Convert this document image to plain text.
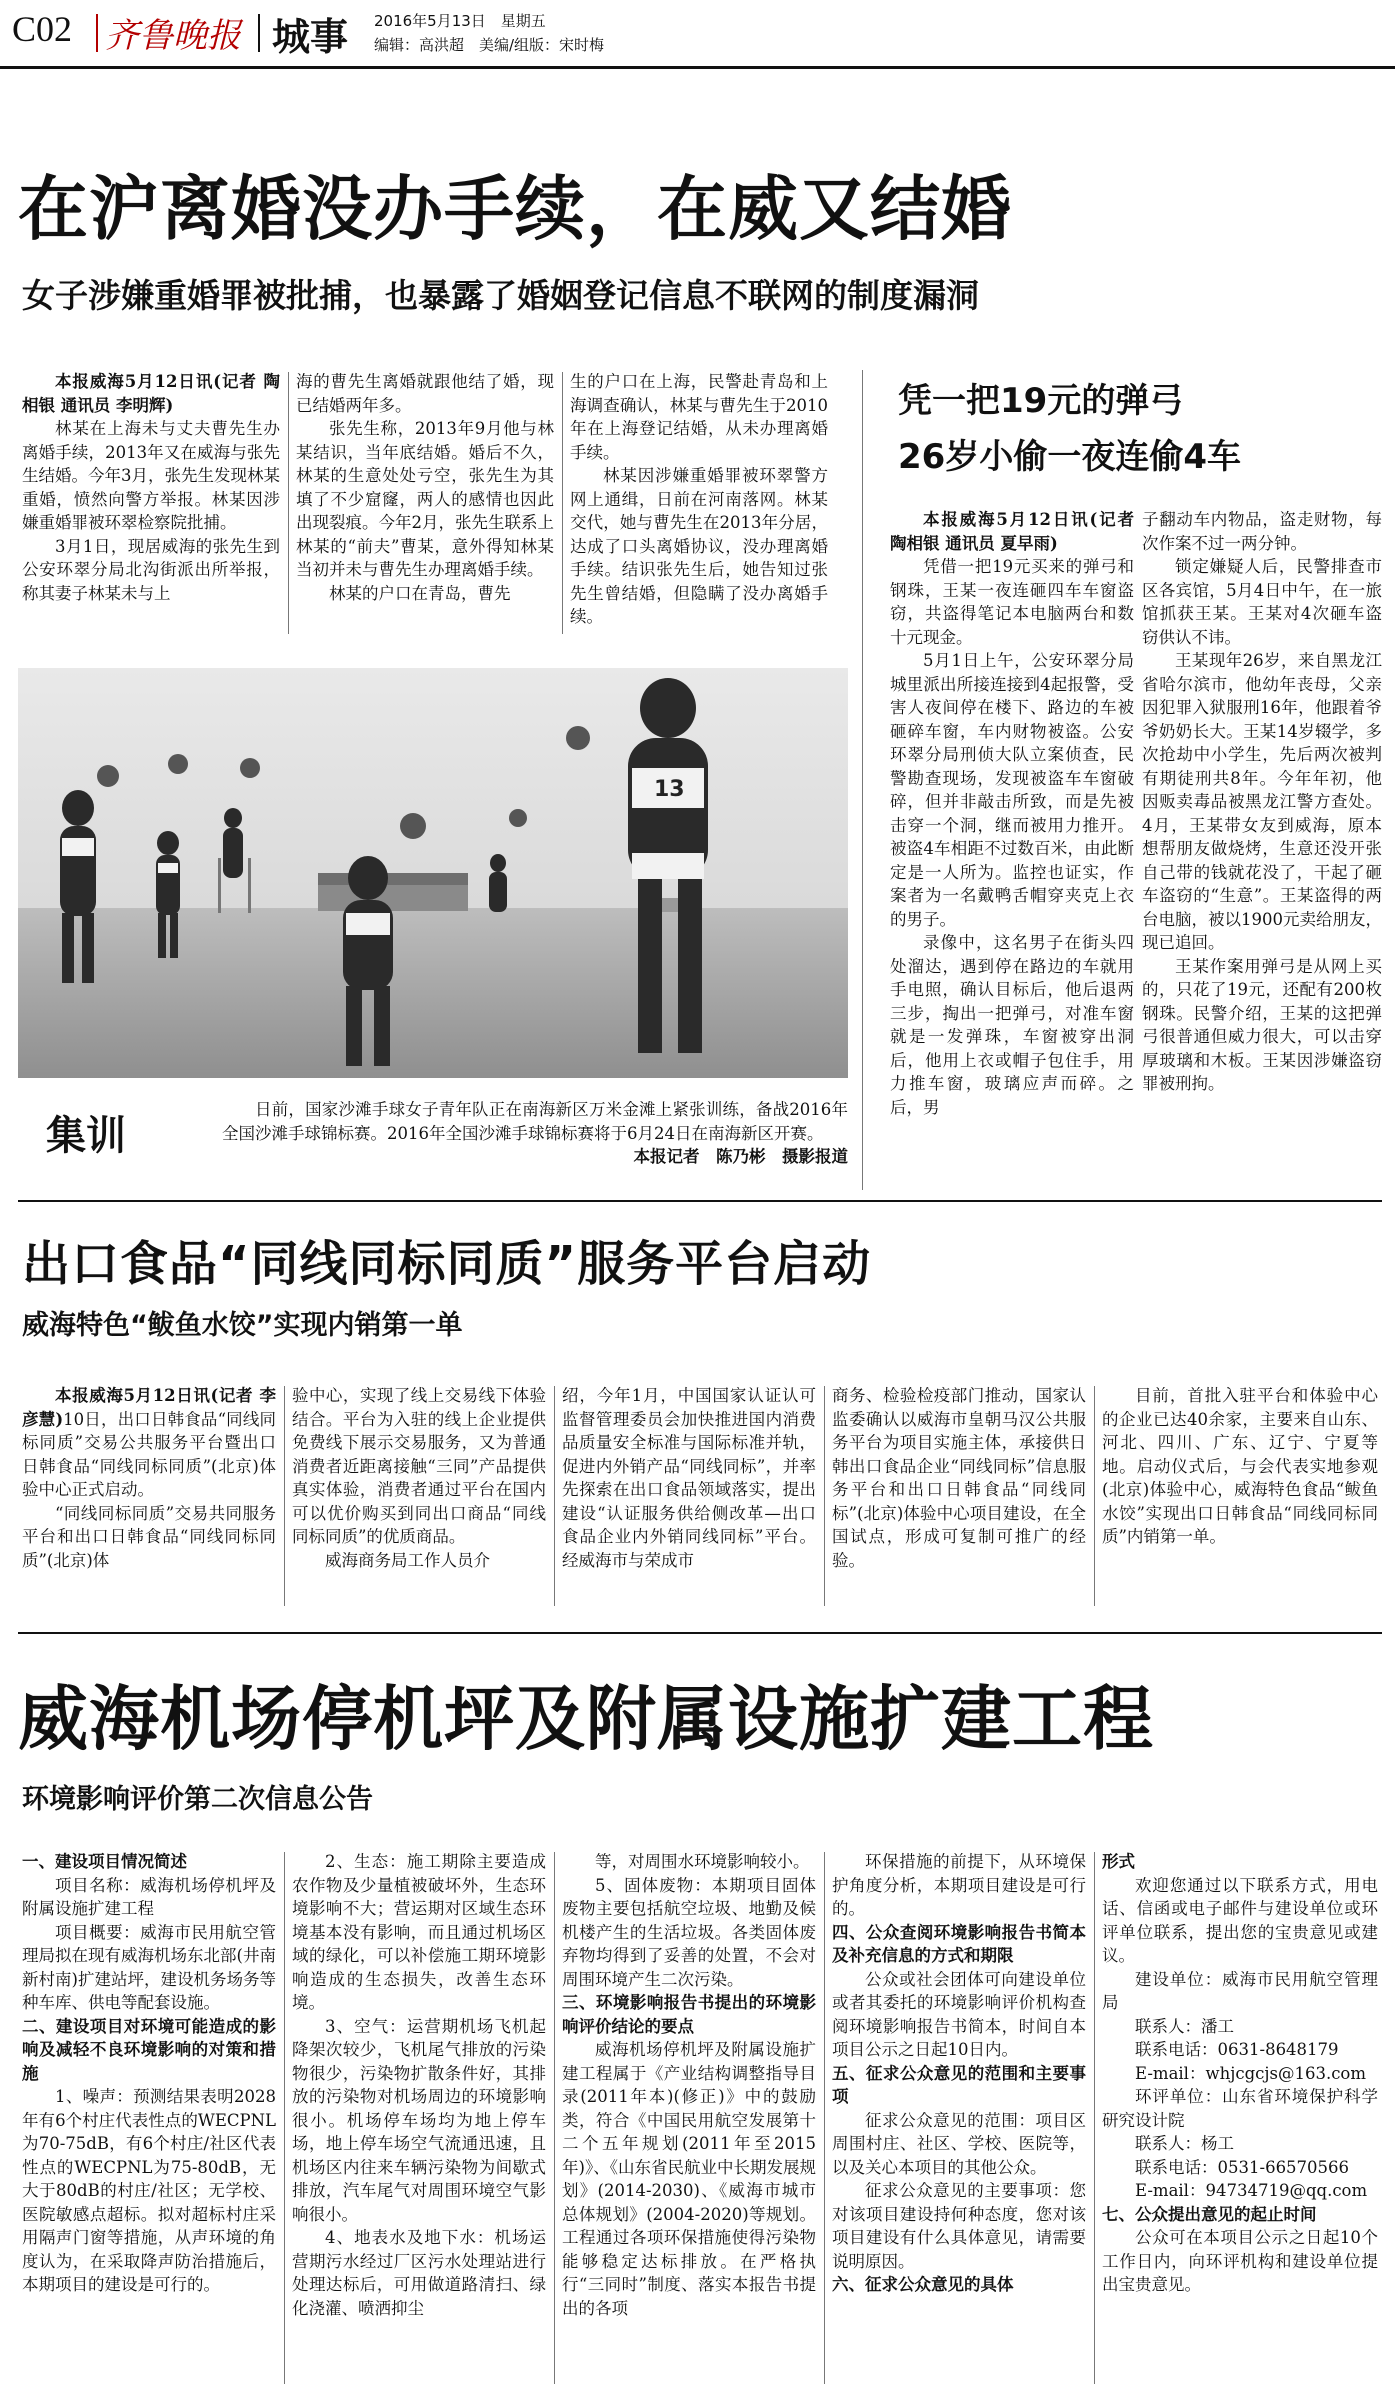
C02 齐鲁晚报 城事 2016年5月13日　星期五
编辑：高洪超　美编/组版：宋时梅
在沪离婚没办手续，在威又结婚
女子涉嫌重婚罪被批捕，也暴露了婚姻登记信息不联网的制度漏洞

本报威海5月12日讯(记者 陶相银 通讯员 李明辉)

林某在上海未与丈夫曹先生办离婚手续，2013年又在威海与张先生结婚。今年3月，张先生发现林某重婚，愤然向警方举报。林某因涉嫌重婚罪被环翠检察院批捕。

3月1日，现居威海的张先生到公安环翠分局北沟街派出所举报，称其妻子林某未与上

海的曹先生离婚就跟他结了婚，现已结婚两年多。

张先生称，2013年9月他与林某结识，当年底结婚。婚后不久，林某的生意处处亏空，张先生为其填了不少窟窿，两人的感情也因此出现裂痕。今年2月，张先生联系上林某的“前夫”曹某，意外得知林某当初并未与曹先生办理离婚手续。

林某的户口在青岛，曹先

生的户口在上海，民警赴青岛和上海调查确认，林某与曹先生于2010年在上海登记结婚，从未办理离婚手续。

林某因涉嫌重婚罪被环翠警方网上通缉，日前在河南落网。林某交代，她与曹先生在2013年分居，达成了口头离婚协议，没办理离婚手续。结识张先生后，她告知过张先生曾结婚，但隐瞒了没办离婚手续。

凭一把19元的弹弓
26岁小偷一夜连偷4车

本报威海5月12日讯(记者 陶相银 通讯员 夏早雨)

凭借一把19元买来的弹弓和钢珠，王某一夜连砸四车车窗盗窃，共盗得笔记本电脑两台和数十元现金。

5月1日上午，公安环翠分局城里派出所接连接到4起报警，受害人夜间停在楼下、路边的车被砸碎车窗，车内财物被盗。公安环翠分局刑侦大队立案侦查，民警勘查现场，发现被盗车车窗破碎，但并非敲击所致，而是先被击穿一个洞，继而被用力推开。被盗4车相距不过数百米，由此断定是一人所为。监控也证实，作案者为一名戴鸭舌帽穿夹克上衣的男子。

录像中，这名男子在街头四处溜达，遇到停在路边的车就用手电照，确认目标后，他后退两三步，掏出一把弹弓，对准车窗就是一发弹珠，车窗被穿出洞后，他用上衣或帽子包住手，用力推车窗，玻璃应声而碎。之后，男

子翻动车内物品，盗走财物，每次作案不过一两分钟。

锁定嫌疑人后，民警排查市区各宾馆，5月4日中午，在一旅馆抓获王某。王某对4次砸车盗窃供认不讳。

王某现年26岁，来自黑龙江省哈尔滨市，他幼年丧母，父亲因犯罪入狱服刑16年，他跟着爷爷奶奶长大。王某14岁辍学，多次抢劫中小学生，先后两次被判有期徒刑共8年。今年年初，他因贩卖毒品被黑龙江警方查处。4月，王某带女友到威海，原本想帮朋友做烧烤，生意还没开张自己带的钱就花没了，干起了砸车盗窃的“生意”。王某盗得的两台电脑，被以1900元卖给朋友，现已追回。

王某作案用弹弓是从网上买的，只花了19元，还配有200枚钢珠。民警介绍，王某的这把弹弓很普通但威力很大，可以击穿厚玻璃和木板。王某因涉嫌盗窃罪被刑拘。

13
集训
日前，国家沙滩手球女子青年队正在南海新区万米金滩上紧张训练，备战2016年全国沙滩手球锦标赛。2016年全国沙滩手球锦标赛将于6月24日在南海新区开赛。
本报记者　陈乃彬　摄影报道
出口食品“同线同标同质”服务平台启动
威海特色“鲅鱼水饺”实现内销第一单

本报威海5月12日讯(记者 李彦慧)10日，出口日韩食品“同线同标同质”交易公共服务平台暨出口日韩食品“同线同标同质”(北京)体验中心正式启动。

“同线同标同质”交易共同服务平台和出口日韩食品“同线同标同质”(北京)体

验中心，实现了线上交易线下体验结合。平台为入驻的线上企业提供免费线下展示交易服务，又为普通消费者近距离接触“三同”产品提供真实体验，消费者通过平台在国内可以优价购买到同出口商品“同线同标同质”的优质商品。

威海商务局工作人员介

绍，今年1月，中国国家认证认可监督管理委员会加快推进国内消费品质量安全标准与国际标准并轨，促进内外销产品“同线同标”，并率先探索在出口食品领域落实，提出建设“认证服务供给侧改革—出口食品企业内外销同线同标”平台。经威海市与荣成市

商务、检验检疫部门推动，国家认监委确认以威海市皇朝马汉公共服务平台为项目实施主体，承接供日韩出口食品企业“同线同标”信息服务平台和出口日韩食品“同线同标”(北京)体验中心项目建设，在全国试点，形成可复制可推广的经验。

目前，首批入驻平台和体验中心的企业已达40余家，主要来自山东、河北、四川、广东、辽宁、宁夏等地。启动仪式后，与会代表实地参观(北京)体验中心，威海特色食品“鲅鱼水饺”实现出口日韩食品“同线同标同质”内销第一单。

威海机场停机坪及附属设施扩建工程
环境影响评价第二次信息公告

一、建设项目情况简述

项目名称：威海机场停机坪及附属设施扩建工程

项目概要：威海市民用航空管理局拟在现有威海机场东北部(井南新村南)扩建站坪，建设机务场务等种车库、供电等配套设施。

二、建设项目对环境可能造成的影响及减轻不良环境影响的对策和措施

1、噪声：预测结果表明2028年有6个村庄代表性点的WECPNL为70-75dB，有6个村庄/社区代表性点的WECPNL为75-80dB，无大于80dB的村庄/社区；无学校、医院敏感点超标。拟对超标村庄采用隔声门窗等措施，从声环境的角度认为，在采取降声防治措施后，本期项目的建设是可行的。

2、生态：施工期除主要造成农作物及少量植被破坏外，生态环境影响不大；营运期对区域生态环境基本没有影响，而且通过机场区域的绿化，可以补偿施工期环境影响造成的生态损失，改善生态环境。

3、空气：运营期机场飞机起降架次较少，飞机尾气排放的污染物很少，污染物扩散条件好，其排放的污染物对机场周边的环境影响很小。机场停车场均为地上停车场，地上停车场空气流通迅速，且机场区内往来车辆污染物为间歇式排放，汽车尾气对周围环境空气影响很小。

4、地表水及地下水：机场运营期污水经过厂区污水处理站进行处理达标后，可用做道路清扫、绿化浇灌、喷洒抑尘

等，对周围水环境影响较小。

5、固体废物：本期项目固体废物主要包括航空垃圾、地勤及候机楼产生的生活垃圾。各类固体废弃物均得到了妥善的处置，不会对周围环境产生二次污染。

三、环境影响报告书提出的环境影响评价结论的要点

威海机场停机坪及附属设施扩建工程属于《产业结构调整指导目录(2011年本)(修正)》中的鼓励类，符合《中国民用航空发展第十二个五年规划(2011年至2015年)》、《山东省民航业中长期发展规划》(2014-2030)、《威海市城市总体规划》(2004-2020)等规划。工程通过各项环保措施使得污染物能够稳定达标排放。在严格执行“三同时”制度、落实本报告书提出的各项

环保措施的前提下，从环境保护角度分析，本期项目建设是可行的。

四、公众查阅环境影响报告书简本及补充信息的方式和期限

公众或社会团体可向建设单位或者其委托的环境影响评价机构查阅环境影响报告书简本，时间自本项目公示之日起10日内。

五、征求公众意见的范围和主要事项

征求公众意见的范围：项目区周围村庄、社区、学校、医院等，以及关心本项目的其他公众。

征求公众意见的主要事项：您对该项目建设持何种态度，您对该项目建设有什么具体意见，请需要说明原因。

六、征求公众意见的具体

形式

欢迎您通过以下联系方式，用电话、信函或电子邮件与建设单位或环评单位联系，提出您的宝贵意见或建议。

建设单位：威海市民用航空管理局

联系人：潘工

联系电话：0631-8648179

E-mail：whjcgcjs@163.com

环评单位：山东省环境保护科学研究设计院

联系人：杨工

联系电话：0531-66570566

E-mail：94734719@qq.com

七、公众提出意见的起止时间

公众可在本项目公示之日起10个工作日内，向环评机构和建设单位提出宝贵意见。
